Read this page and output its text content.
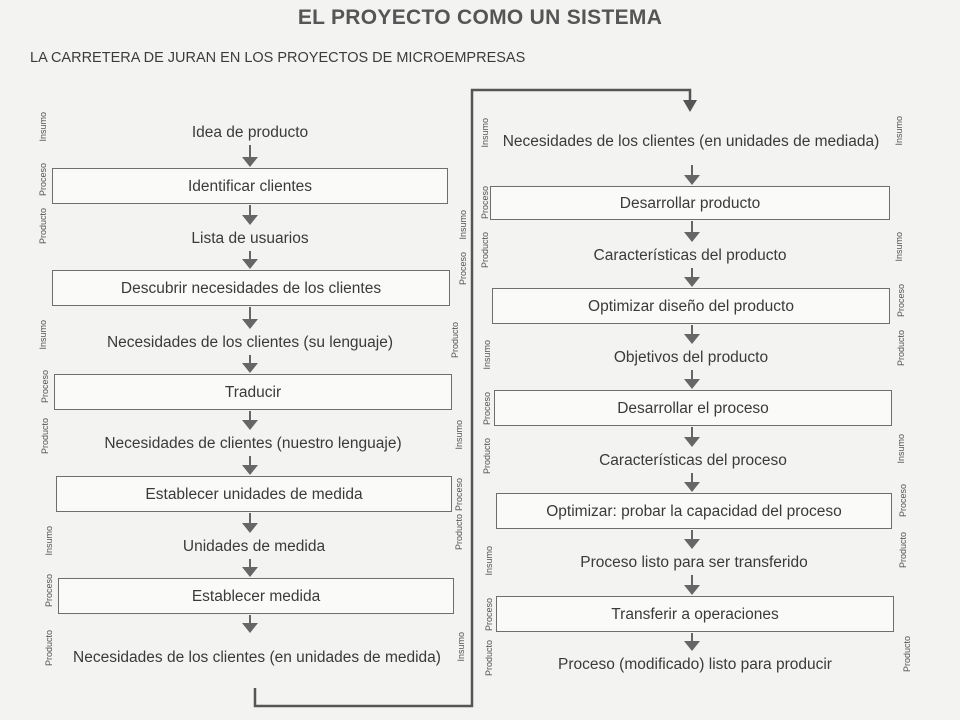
EL PROYECTO COMO UN SISTEMA
LA CARRETERA DE JURAN EN LOS PROYECTOS DE MICROEMPRESAS
Idea de producto
Identificar clientes
Lista de usuarios
Descubrir necesidades de los clientes
Necesidades de los clientes (su lenguaje)
Traducir
Necesidades de clientes (nuestro lenguaje)
Establecer unidades de medida
Unidades de medida
Establecer medida
Necesidades de los clientes (en unidades de medida)
Necesidades de los clientes (en unidades de mediada)
Desarrollar producto
Características del producto
Optimizar diseño del producto
Objetivos del producto
Desarrollar el proceso
Características del proceso
Optimizar: probar la capacidad del proceso
Proceso listo para ser transferido
Transferir a operaciones
Proceso (modificado) listo para producir
Insumo
Proceso
Producto
Insumo
Proceso
Producto
Insumo
Proceso
Producto
Insumo
Proceso
Producto
Insumo
Proceso
Producto
Insumo
Insumo
Proceso
Producto
Insumo
Proceso
Producto
Insumo
Proceso
Producto
Insumo
Insumo
Proceso
Producto
Insumo
Proceso
Producto
Producto
